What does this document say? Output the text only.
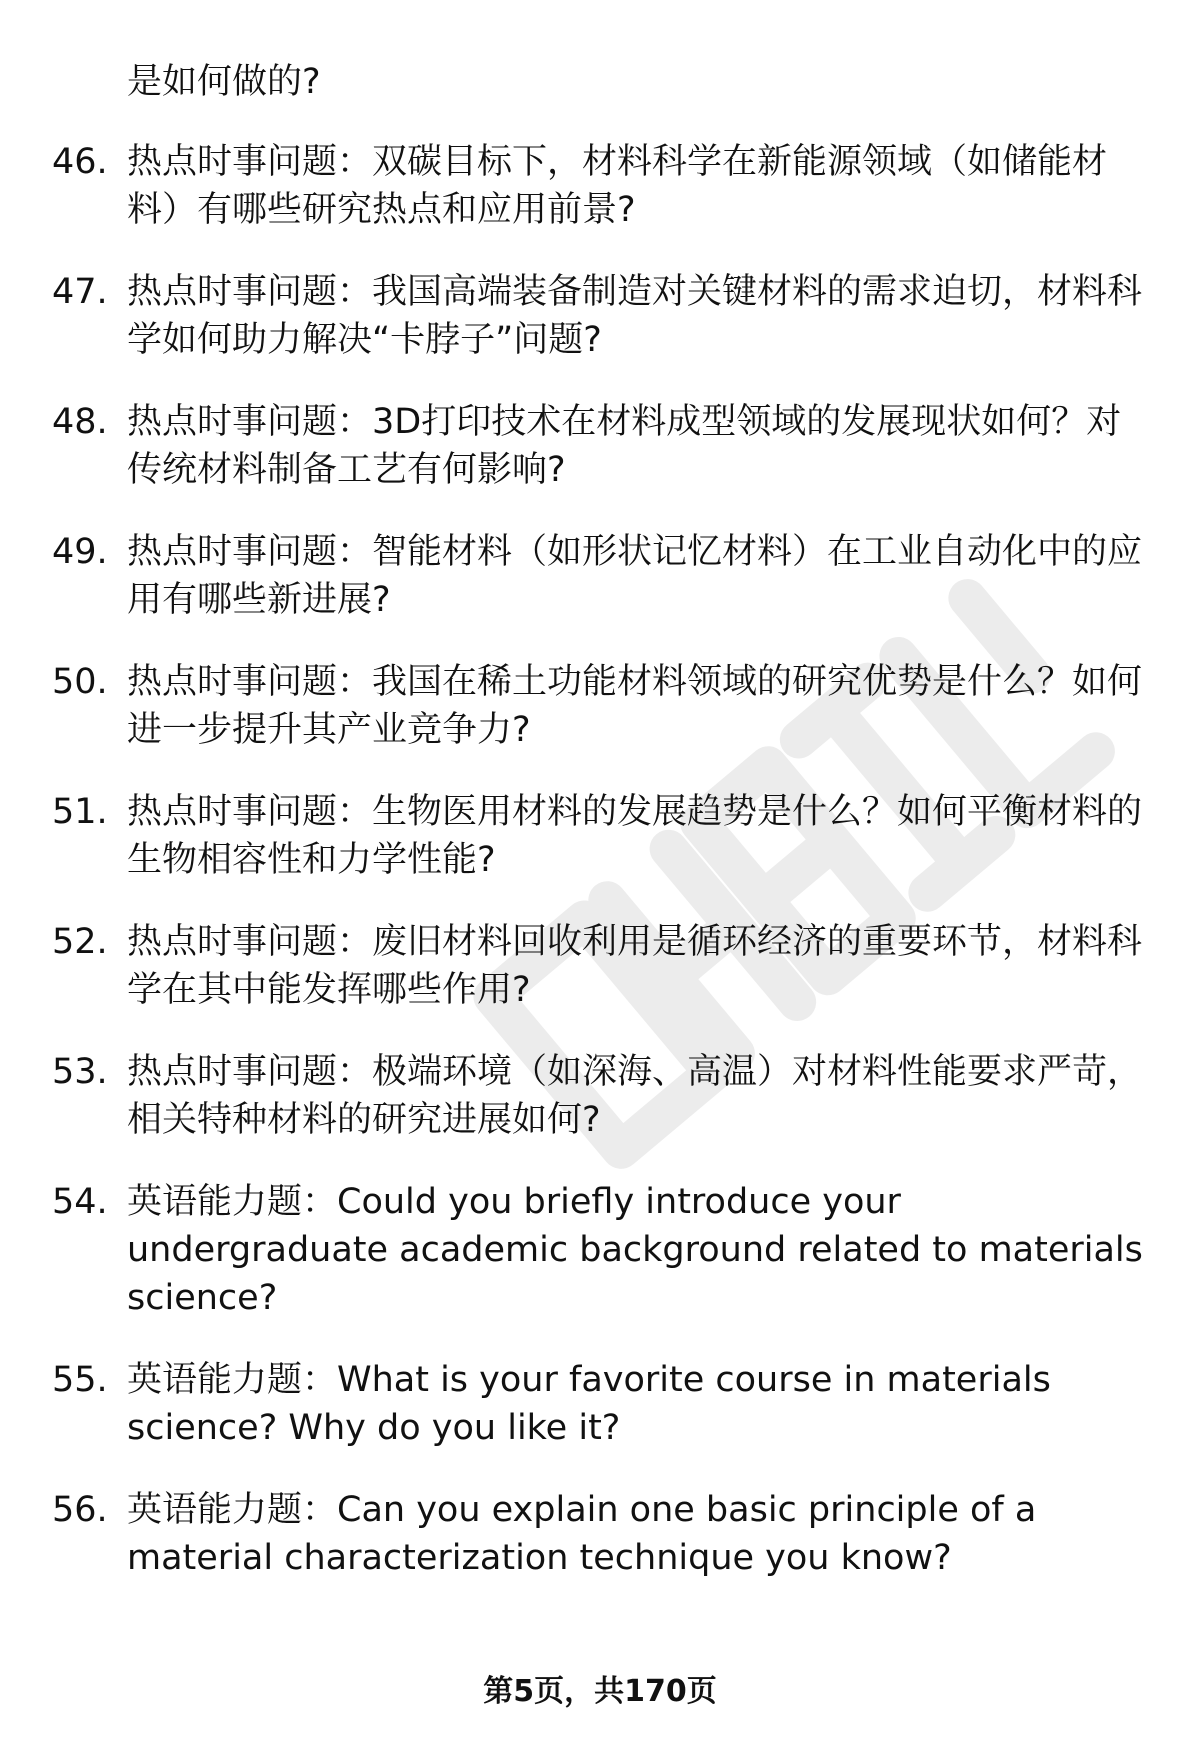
是如何做的?

46. 热点时事问题：双碳目标下，材料科学在新能源领域（如储能材料）有哪些研究热点和应用前景?
47. 热点时事问题：我国高端装备制造对关键材料的需求迫切，材料科学如何助力解决“卡脖子”问题?
48. 热点时事问题：3D打印技术在材料成型领域的发展现状如何？对传统材料制备工艺有何影响?
49. 热点时事问题：智能材料（如形状记忆材料）在工业自动化中的应用有哪些新进展?
50. 热点时事问题：我国在稀土功能材料领域的研究优势是什么？如何进一步提升其产业竞争力?
51. 热点时事问题：生物医用材料的发展趋势是什么？如何平衡材料的生物相容性和力学性能?
52. 热点时事问题：废旧材料回收利用是循环经济的重要环节，材料科学在其中能发挥哪些作用?
53. 热点时事问题：极端环境（如深海、高温）对材料性能要求严苛，相关特种材料的研究进展如何?
54. 英语能力题：Could you briefly introduce your undergraduate academic background related to materials science?
55. 英语能力题：What is your favorite course in materials science? Why do you like it?
56. 英语能力题：Can you explain one basic principle of a material characterization technique you know?
第5页，共170页
